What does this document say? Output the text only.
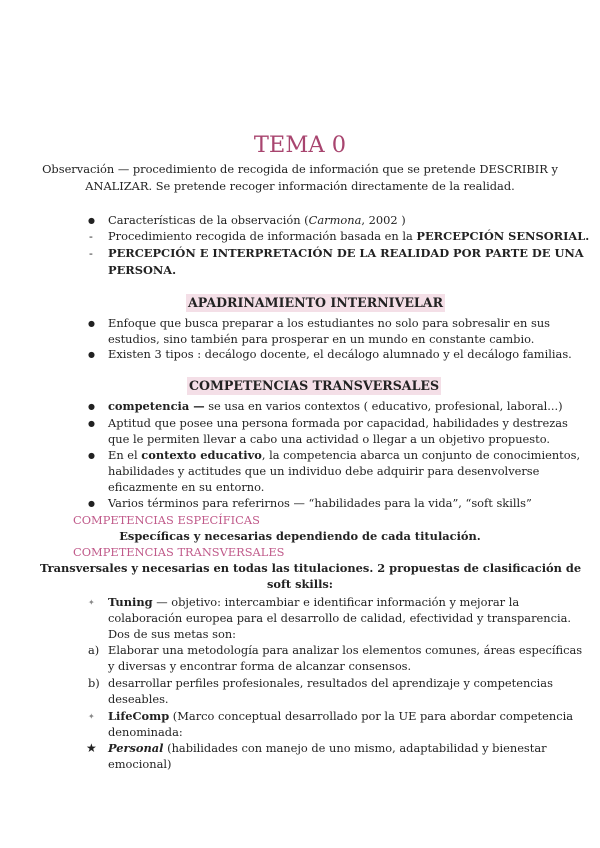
TEMA 0
Observación — procedimiento de recogida de información que se pretende DESCRIBIR y
ANALIZAR. Se pretende recoger información directamente de la realidad.
● Características de la observación (Carmona, 2002 )
- Procedimiento recogida de información basada en la PERCEPCIÓN SENSORIAL.
- PERCEPCIÓN E INTERPRETACIÓN DE LA REALIDAD POR PARTE DE UNA
PERSONA.
APADRINAMIENTO INTERNIVELAR
● Enfoque que busca preparar a los estudiantes no solo para sobresalir en sus
estudios, sino también para prosperar en un mundo en constante cambio.
● Existen 3 tipos : decálogo docente, el decálogo alumnado y el decálogo familias.
COMPETENCIAS TRANSVERSALES
● competencia — se usa en varios contextos ( educativo, profesional, laboral...)
● Aptitud que posee una persona formada por capacidad, habilidades y destrezas
que le permiten llevar a cabo una actividad o llegar a un objetivo propuesto.
● En el contexto educativo, la competencia abarca un conjunto de conocimientos,
habilidades y actitudes que un individuo debe adquirir para desenvolverse
eficazmente en su entorno.
● Varios términos para referirnos — “habilidades para la vida”, “soft skills”
COMPETENCIAS ESPECÍFICAS
Específicas y necesarias dependiendo de cada titulación.
COMPETENCIAS TRANSVERSALES
Transversales y necesarias en todas las titulaciones. 2 propuestas de clasificación de
soft skills:
✦ Tuning — objetivo: intercambiar e identificar información y mejorar la
colaboración europea para el desarrollo de calidad, efectividad y transparencia.
Dos de sus metas son:
a) Elaborar una metodología para analizar los elementos comunes, áreas específicas
y diversas y encontrar forma de alcanzar consensos.
b) desarrollar perfiles profesionales, resultados del aprendizaje y competencias
deseables.
✦ LifeComp (Marco conceptual desarrollado por la UE para abordar competencia
denominada:
★ Personal (habilidades con manejo de uno mismo, adaptabilidad y bienestar
emocional)
